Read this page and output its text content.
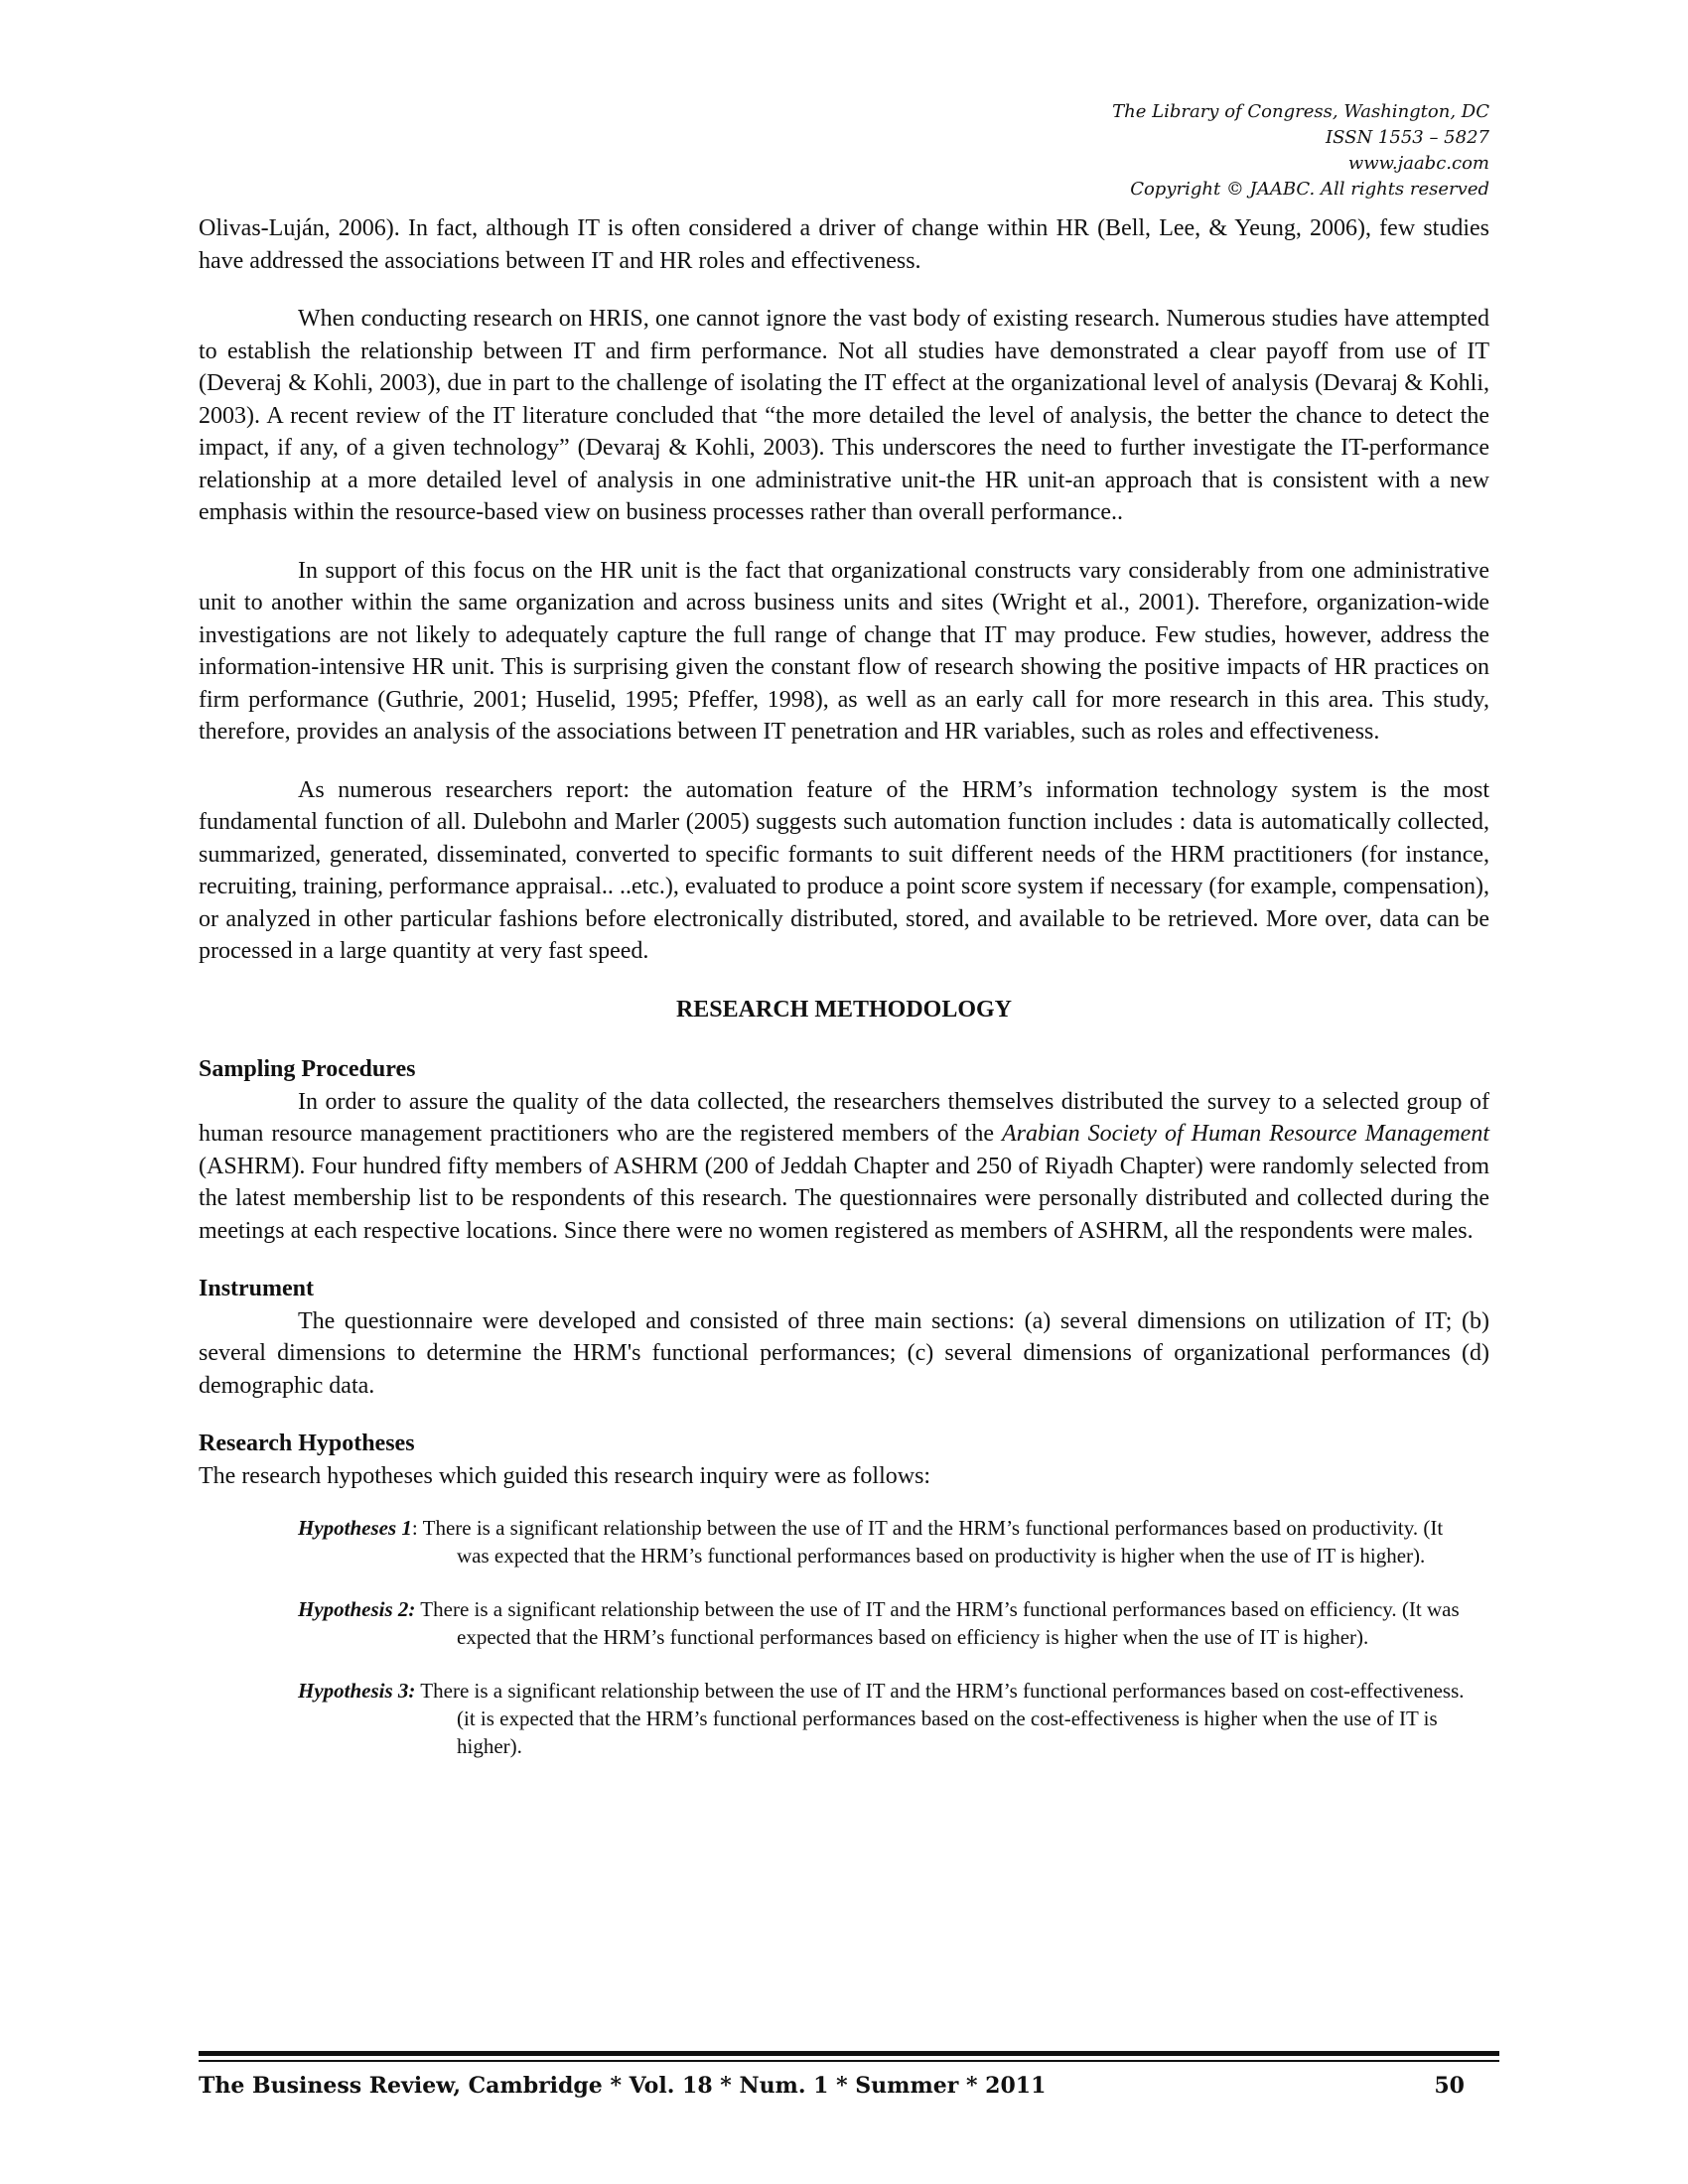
The Library of Congress, Washington, DC
ISSN 1553 – 5827
www.jaabc.com
Copyright © JAABC. All rights reserved

Olivas-Luján, 2006). In fact, although IT is often considered a driver of change within HR (Bell, Lee, & Yeung, 2006), few studies have addressed the associations between IT and HR roles and effectiveness.

When conducting research on HRIS, one cannot ignore the vast body of existing research. Numerous studies have attempted to establish the relationship between IT and firm performance. Not all studies have demonstrated a clear payoff from use of IT (Deveraj & Kohli, 2003), due in part to the challenge of isolating the IT effect at the organizational level of analysis (Devaraj & Kohli, 2003). A recent review of the IT literature concluded that “the more detailed the level of analysis, the better the chance to detect the impact, if any, of a given technology” (Devaraj & Kohli, 2003). This underscores the need to further investigate the IT-performance relationship at a more detailed level of analysis in one administrative unit-the HR unit-an approach that is consistent with a new emphasis within the resource-based view on business processes rather than overall performance..

In support of this focus on the HR unit is the fact that organizational constructs vary considerably from one administrative unit to another within the same organization and across business units and sites (Wright et al., 2001). Therefore, organization-wide investigations are not likely to adequately capture the full range of change that IT may produce. Few studies, however, address the information-intensive HR unit. This is surprising given the constant flow of research showing the positive impacts of HR practices on firm performance (Guthrie, 2001; Huselid, 1995; Pfeffer, 1998), as well as an early call for more research in this area. This study, therefore, provides an analysis of the associations between IT penetration and HR variables, such as roles and effectiveness.

As numerous researchers report: the automation feature of the HRM’s information technology system is the most fundamental function of all. Dulebohn and Marler (2005) suggests such automation function includes : data is automatically collected, summarized, generated, disseminated, converted to specific formants to suit different needs of the HRM practitioners (for instance, recruiting, training, performance appraisal.. ..etc.), evaluated to produce a point score system if necessary (for example, compensation), or analyzed in other particular fashions before electronically distributed, stored, and available to be retrieved. More over, data can be processed in a large quantity at very fast speed.

RESEARCH METHODOLOGY
Sampling Procedures

In order to assure the quality of the data collected, the researchers themselves distributed the survey to a selected group of human resource management practitioners who are the registered members of the Arabian Society of Human Resource Management (ASHRM). Four hundred fifty members of ASHRM (200 of Jeddah Chapter and 250 of Riyadh Chapter) were randomly selected from the latest membership list to be respondents of this research. The questionnaires were personally distributed and collected during the meetings at each respective locations. Since there were no women registered as members of ASHRM, all the respondents were males.

Instrument

The questionnaire were developed and consisted of three main sections: (a) several dimensions on utilization of IT; (b) several dimensions to determine the HRM's functional performances; (c) several dimensions of organizational performances (d) demographic data.

Research Hypotheses

The research hypotheses which guided this research inquiry were as follows:

Hypotheses 1: There is a significant relationship between the use of IT and the HRM’s functional performances based on productivity. (It was expected that the HRM’s functional performances based on productivity is higher when the use of IT is higher).
Hypothesis 2: There is a significant relationship between the use of IT and the HRM’s functional performances based on efficiency. (It was expected that the HRM’s functional performances based on efficiency is higher when the use of IT is higher).
Hypothesis 3: There is a significant relationship between the use of IT and the HRM’s functional performances based on cost-effectiveness. (it is expected that the HRM’s functional performances based on the cost-effectiveness is higher when the use of IT is higher).
The Business Review, Cambridge * Vol. 18 * Num. 1 * Summer * 2011	50
